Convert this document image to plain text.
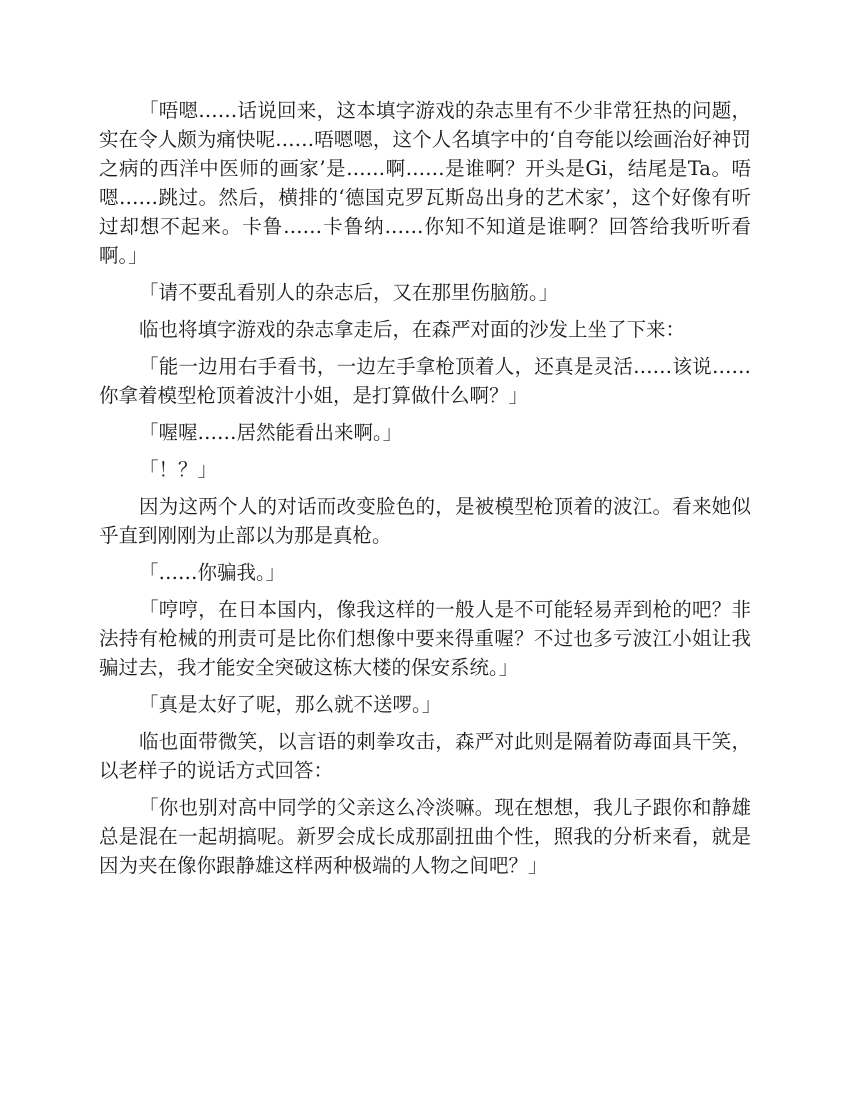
「唔嗯……话说回来，这本填字游戏的杂志里有不少非常狂热的问题，实在令人颇为痛快呢……唔嗯嗯，这个人名填字中的‘自夸能以绘画治好神罚之病的西洋中医师的画家’是……啊……是谁啊？开头是Gi，结尾是Ta。唔嗯……跳过。然后，横排的‘德国克罗瓦斯岛出身的艺术家’，这个好像有听过却想不起来。卡鲁……卡鲁纳……你知不知道是谁啊？回答给我听听看啊。」

「请不要乱看别人的杂志后，又在那里伤脑筋。」

临也将填字游戏的杂志拿走后，在森严对面的沙发上坐了下来：

「能一边用右手看书，一边左手拿枪顶着人，还真是灵活……该说……你拿着模型枪顶着波汁小姐，是打算做什么啊？」

「喔喔……居然能看出来啊。」

「！？」

因为这两个人的对话而改变脸色的，是被模型枪顶着的波江。看来她似乎直到刚刚为止部以为那是真枪。

「……你骗我。」

「哼哼，在日本国内，像我这样的一般人是不可能轻易弄到枪的吧？非法持有枪械的刑责可是比你们想像中要来得重喔？不过也多亏波江小姐让我骗过去，我才能安全突破这栋大楼的保安系统。」

「真是太好了呢，那么就不送啰。」

临也面带微笑，以言语的刺拳攻击，森严对此则是隔着防毒面具干笑，以老样子的说话方式回答：

「你也别对高中同学的父亲这么冷淡嘛。现在想想，我儿子跟你和静雄总是混在一起胡搞呢。新罗会成长成那副扭曲个性，照我的分析来看，就是因为夹在像你跟静雄这样两种极端的人物之间吧？」
